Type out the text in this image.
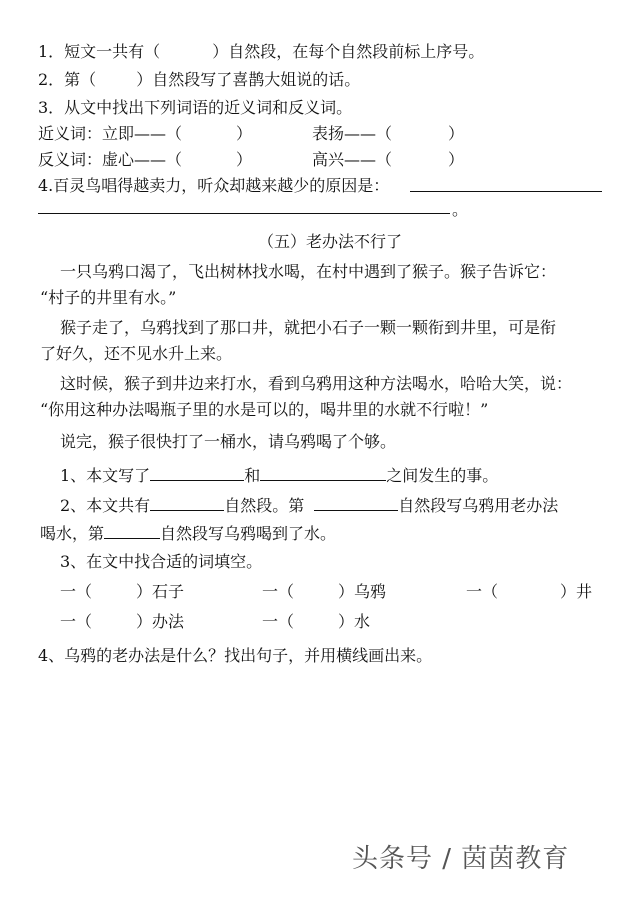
1．短文一共有（	）自然段，在每个自然段前标上序号。
2．第（	）自然段写了喜鹊大姐说的话。
3．从文中找出下列词语的近义词和反义词。
近义词：立即——（	）	表扬——（	）
反义词：虚心——（	）	高兴——（	）
4.百灵鸟唱得越卖力，听众却越来越少的原因是：
。
（五）老办法不行了
一只乌鸦口渴了，飞出树林找水喝，在村中遇到了猴子。猴子告诉它：
“村子的井里有水。”
猴子走了，乌鸦找到了那口井，就把小石子一颗一颗衔到井里，可是衔
了好久，还不见水升上来。
这时候，猴子到井边来打水，看到乌鸦用这种方法喝水，哈哈大笑，说：
“你用这种办法喝瓶子里的水是可以的，喝井里的水就不行啦！”
说完，猴子很快打了一桶水，请乌鸦喝了个够。
1、本文写了	和	之间发生的事。
2、本文共有	自然段。第	自然段写乌鸦用老办法
喝水，第	自然段写乌鸦喝到了水。
3、在文中找合适的词填空。
一（	）石子	一（	）乌鸦	一（	）井
一（	）办法	一（	）水
4、乌鸦的老办法是什么？找出句子，并用横线画出来。
头条号 / 茵茵教育
